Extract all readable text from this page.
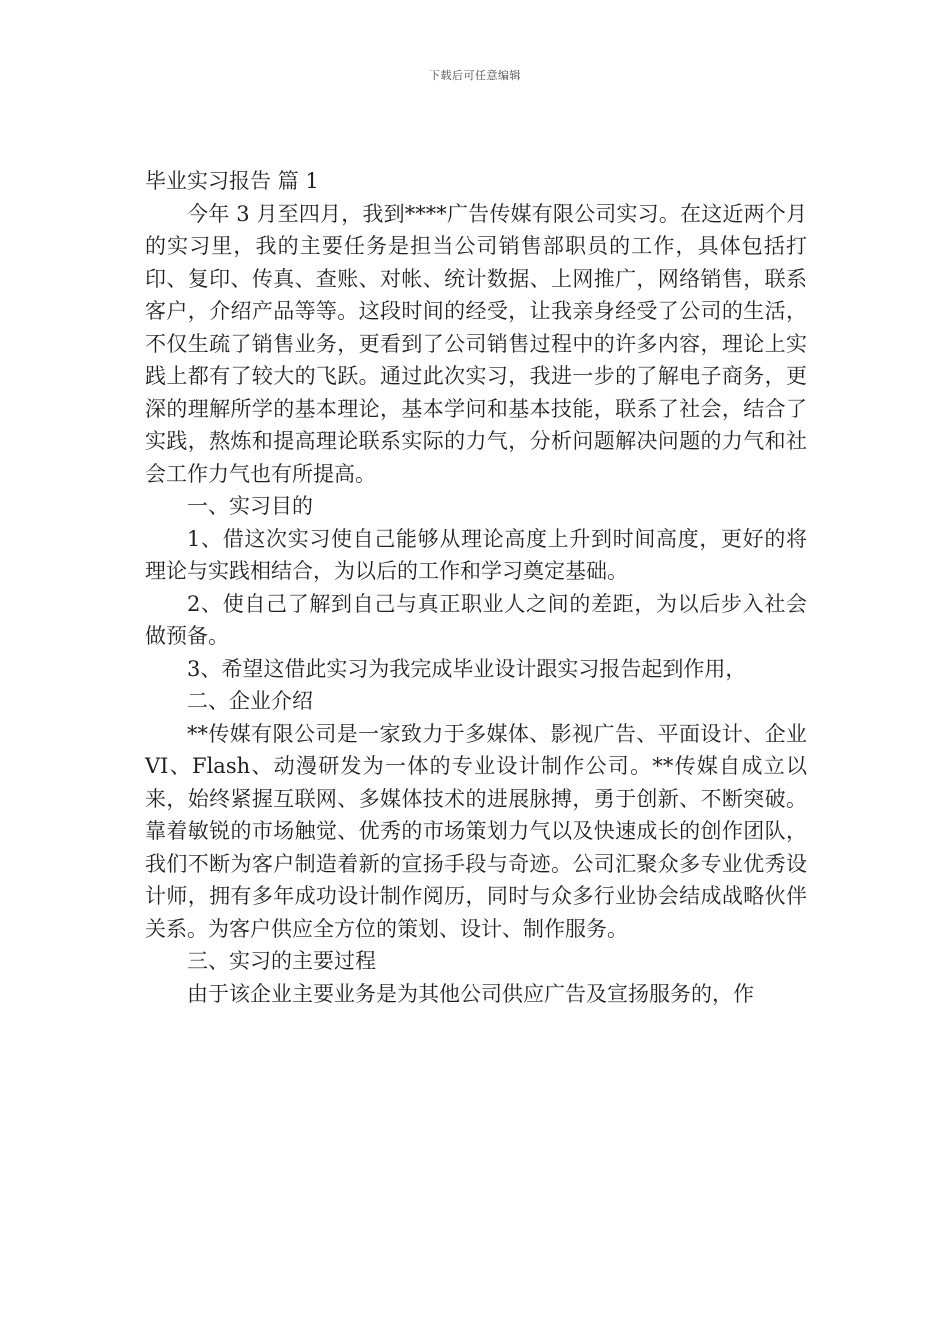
下载后可任意编辑
毕业实习报告 篇 1

今年 3 月至四月，我到****广告传媒有限公司实习。在这近两个月的实习里，我的主要任务是担当公司销售部职员的工作，具体包括打印、复印、传真、查账、对帐、统计数据、上网推广，网络销售，联系客户，介绍产品等等。这段时间的经受，让我亲身经受了公司的生活，不仅生疏了销售业务，更看到了公司销售过程中的许多内容，理论上实践上都有了较大的飞跃。通过此次实习，我进一步的了解电子商务，更深的理解所学的基本理论，基本学问和基本技能，联系了社会，结合了实践，熬炼和提高理论联系实际的力气，分析问题解决问题的力气和社会工作力气也有所提高。

一、实习目的

1、借这次实习使自己能够从理论高度上升到时间高度，更好的将理论与实践相结合，为以后的工作和学习奠定基础。

2、使自己了解到自己与真正职业人之间的差距，为以后步入社会做预备。

3、希望这借此实习为我完成毕业设计跟实习报告起到作用，

二、企业介绍

**传媒有限公司是一家致力于多媒体、影视广告、平面设计、企业 VI、Flash、动漫研发为一体的专业设计制作公司。**传媒自成立以来，始终紧握互联网、多媒体技术的进展脉搏，勇于创新、不断突破。靠着敏锐的市场触觉、优秀的市场策划力气以及快速成长的创作团队，我们不断为客户制造着新的宣扬手段与奇迹。公司汇聚众多专业优秀设计师，拥有多年成功设计制作阅历，同时与众多行业协会结成战略伙伴关系。为客户供应全方位的策划、设计、制作服务。

三、实习的主要过程

由于该企业主要业务是为其他公司供应广告及宣扬服务的，作
